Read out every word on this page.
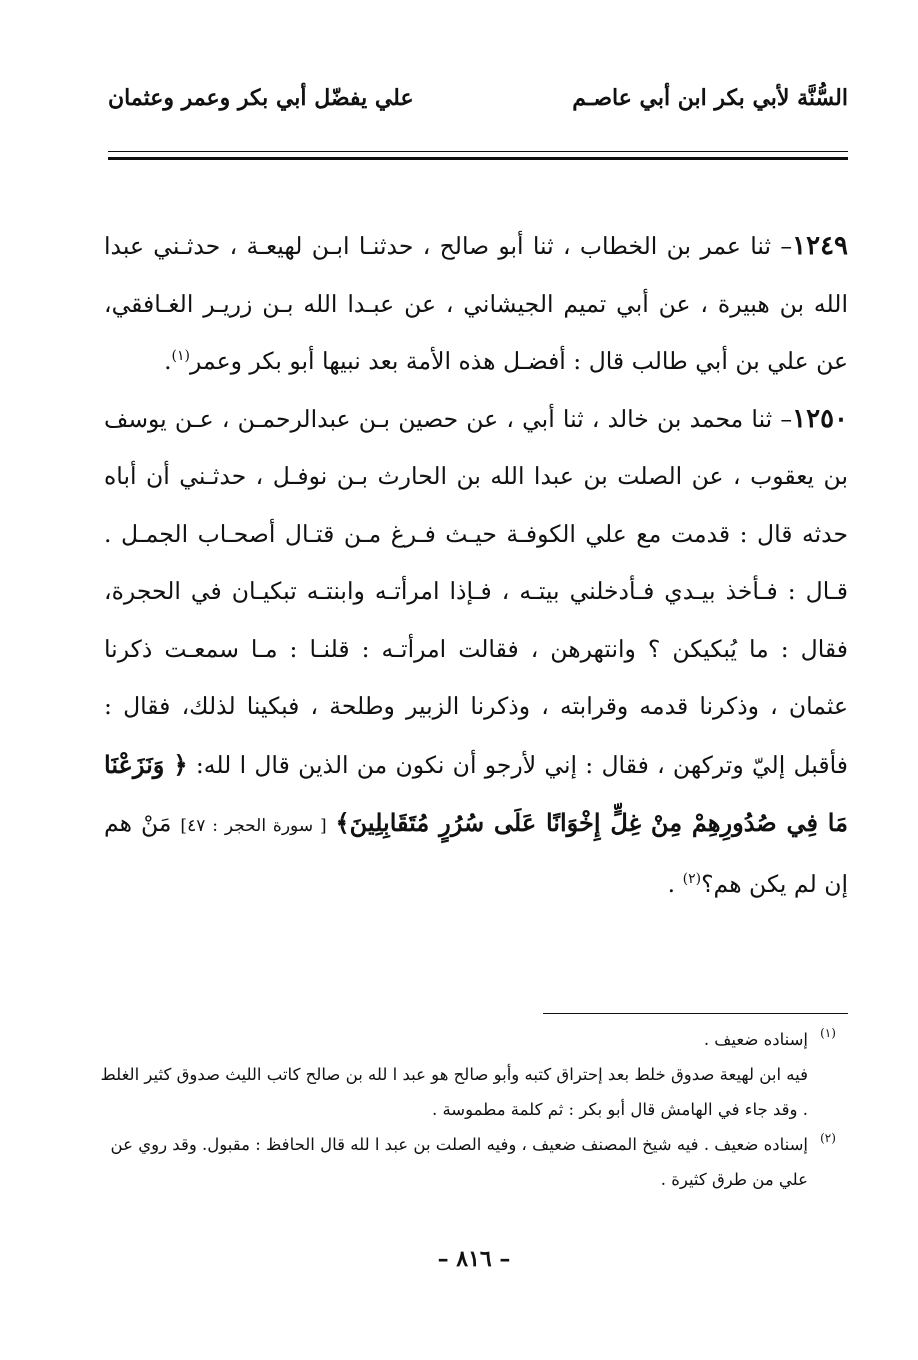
السُّنَّة لأبي بكر ابن أبي عاصـم
علي يفضّل أبي بكر وعمر وعثمان

١٢٤٩– ثنا عمر بن الخطاب ، ثنا أبو صالح ، حدثنـا ابـن لهيعـة ، حدثـني عبدا الله بن هبيرة ، عن أبي تميم الجيشاني ، عن عبـدا الله بـن زريـر الغـافقي، عن علي بن أبي طالب قال : أفضـل هذه الأمة بعد نبيها أبو بكر وعمر$^{(١)}$.

١٢٥٠– ثنا محمد بن خالد ، ثنا أبي ، عن حصين بـن عبدالرحمـن ، عـن يوسف بن يعقوب ، عن الصلت بن عبدا الله بن الحارث بـن نوفـل ، حدثـني أن أباه حدثه قال : قدمت مع علي الكوفـة حيـث فـرغ مـن قتـال أصحـاب الجمـل . قـال : فـأخذ بيـدي فـأدخلني بيتـه ، فـإذا امرأتـه وابنتـه تبكيـان في الحجرة، فقال : ما يُبكيكن ؟ وانتهرهن ، فقالت امرأتـه : قلنـا : مـا سمعـت ذكرنا عثمان ، وذكرنا قدمه وقرابته ، وذكرنا الزبير وطلحة ، فبكينا لذلك، فقال : فأقبل إليّ وتركهن ، فقال : إني لأرجو أن نكون من الذين قال ا لله: ﴿ وَنَزَعْنَا مَا فِي صُدُورِهِمْ مِنْ غِلٍّ إِخْوَانًا عَلَى سُرُرٍ مُتَقَابِلِينَ﴾ [ سورة الحجر : ٤٧] مَنْ هم إن لم يكن هم؟$^{(٢)}$ .

(١)

إسناده ضعيف .

فيه ابن لهيعة صدوق خلط بعد إحتراق كتبه وأبو صالح هو عبد ا لله بن صالح كاتب الليث صدوق كثير الغلط . وقد جاء في الهامش قال أبو بكر : ثم كلمة مطموسة .

(٢)

إسناده ضعيف . فيه شيخ المصنف ضعيف ، وفيه الصلت بن عبد ا لله قال الحافظ : مقبول. وقد روي عن علي من طرق كثيرة .

– ٨١٦ –
